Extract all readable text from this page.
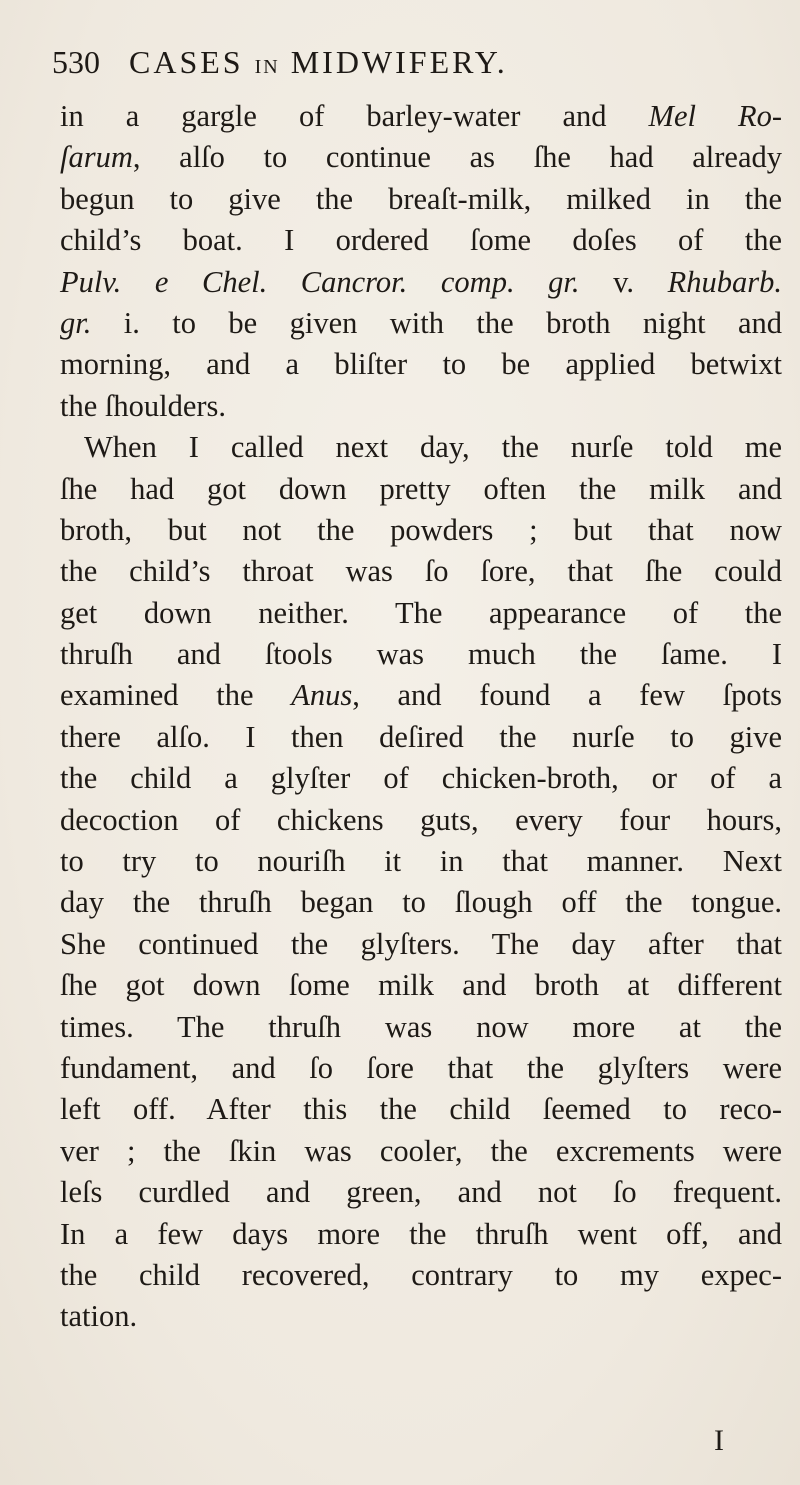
530 CASES IN MIDWIFERY.
in a gargle of barley-water and Mel Ro-
ſarum, alſo to continue as ſhe had already
begun to give the breaſt-milk, milked in the
child’s boat. I ordered ſome doſes of the
Pulv. e Chel. Cancror. comp. gr. v. Rhubarb.
gr. i. to be given with the broth night and
morning, and a bliſter to be applied betwixt
the ſhoulders.
When I called next day, the nurſe told me
ſhe had got down pretty often the milk and
broth, but not the powders ; but that now
the child’s throat was ſo ſore, that ſhe could
get down neither. The appearance of the
thruſh and ſtools was much the ſame. I
examined the Anus, and found a few ſpots
there alſo. I then deſired the nurſe to give
the child a glyſter of chicken-broth, or of a
decoction of chickens guts, every four hours,
to try to nouriſh it in that manner. Next
day the thruſh began to ſlough off the tongue.
She continued the glyſters. The day after that
ſhe got down ſome milk and broth at different
times. The thruſh was now more at the
fundament, and ſo ſore that the glyſters were
left off. After this the child ſeemed to reco-
ver ; the ſkin was cooler, the excrements were
leſs curdled and green, and not ſo frequent.
In a few days more the thruſh went off, and
the child recovered, contrary to my expec-
tation.
I
